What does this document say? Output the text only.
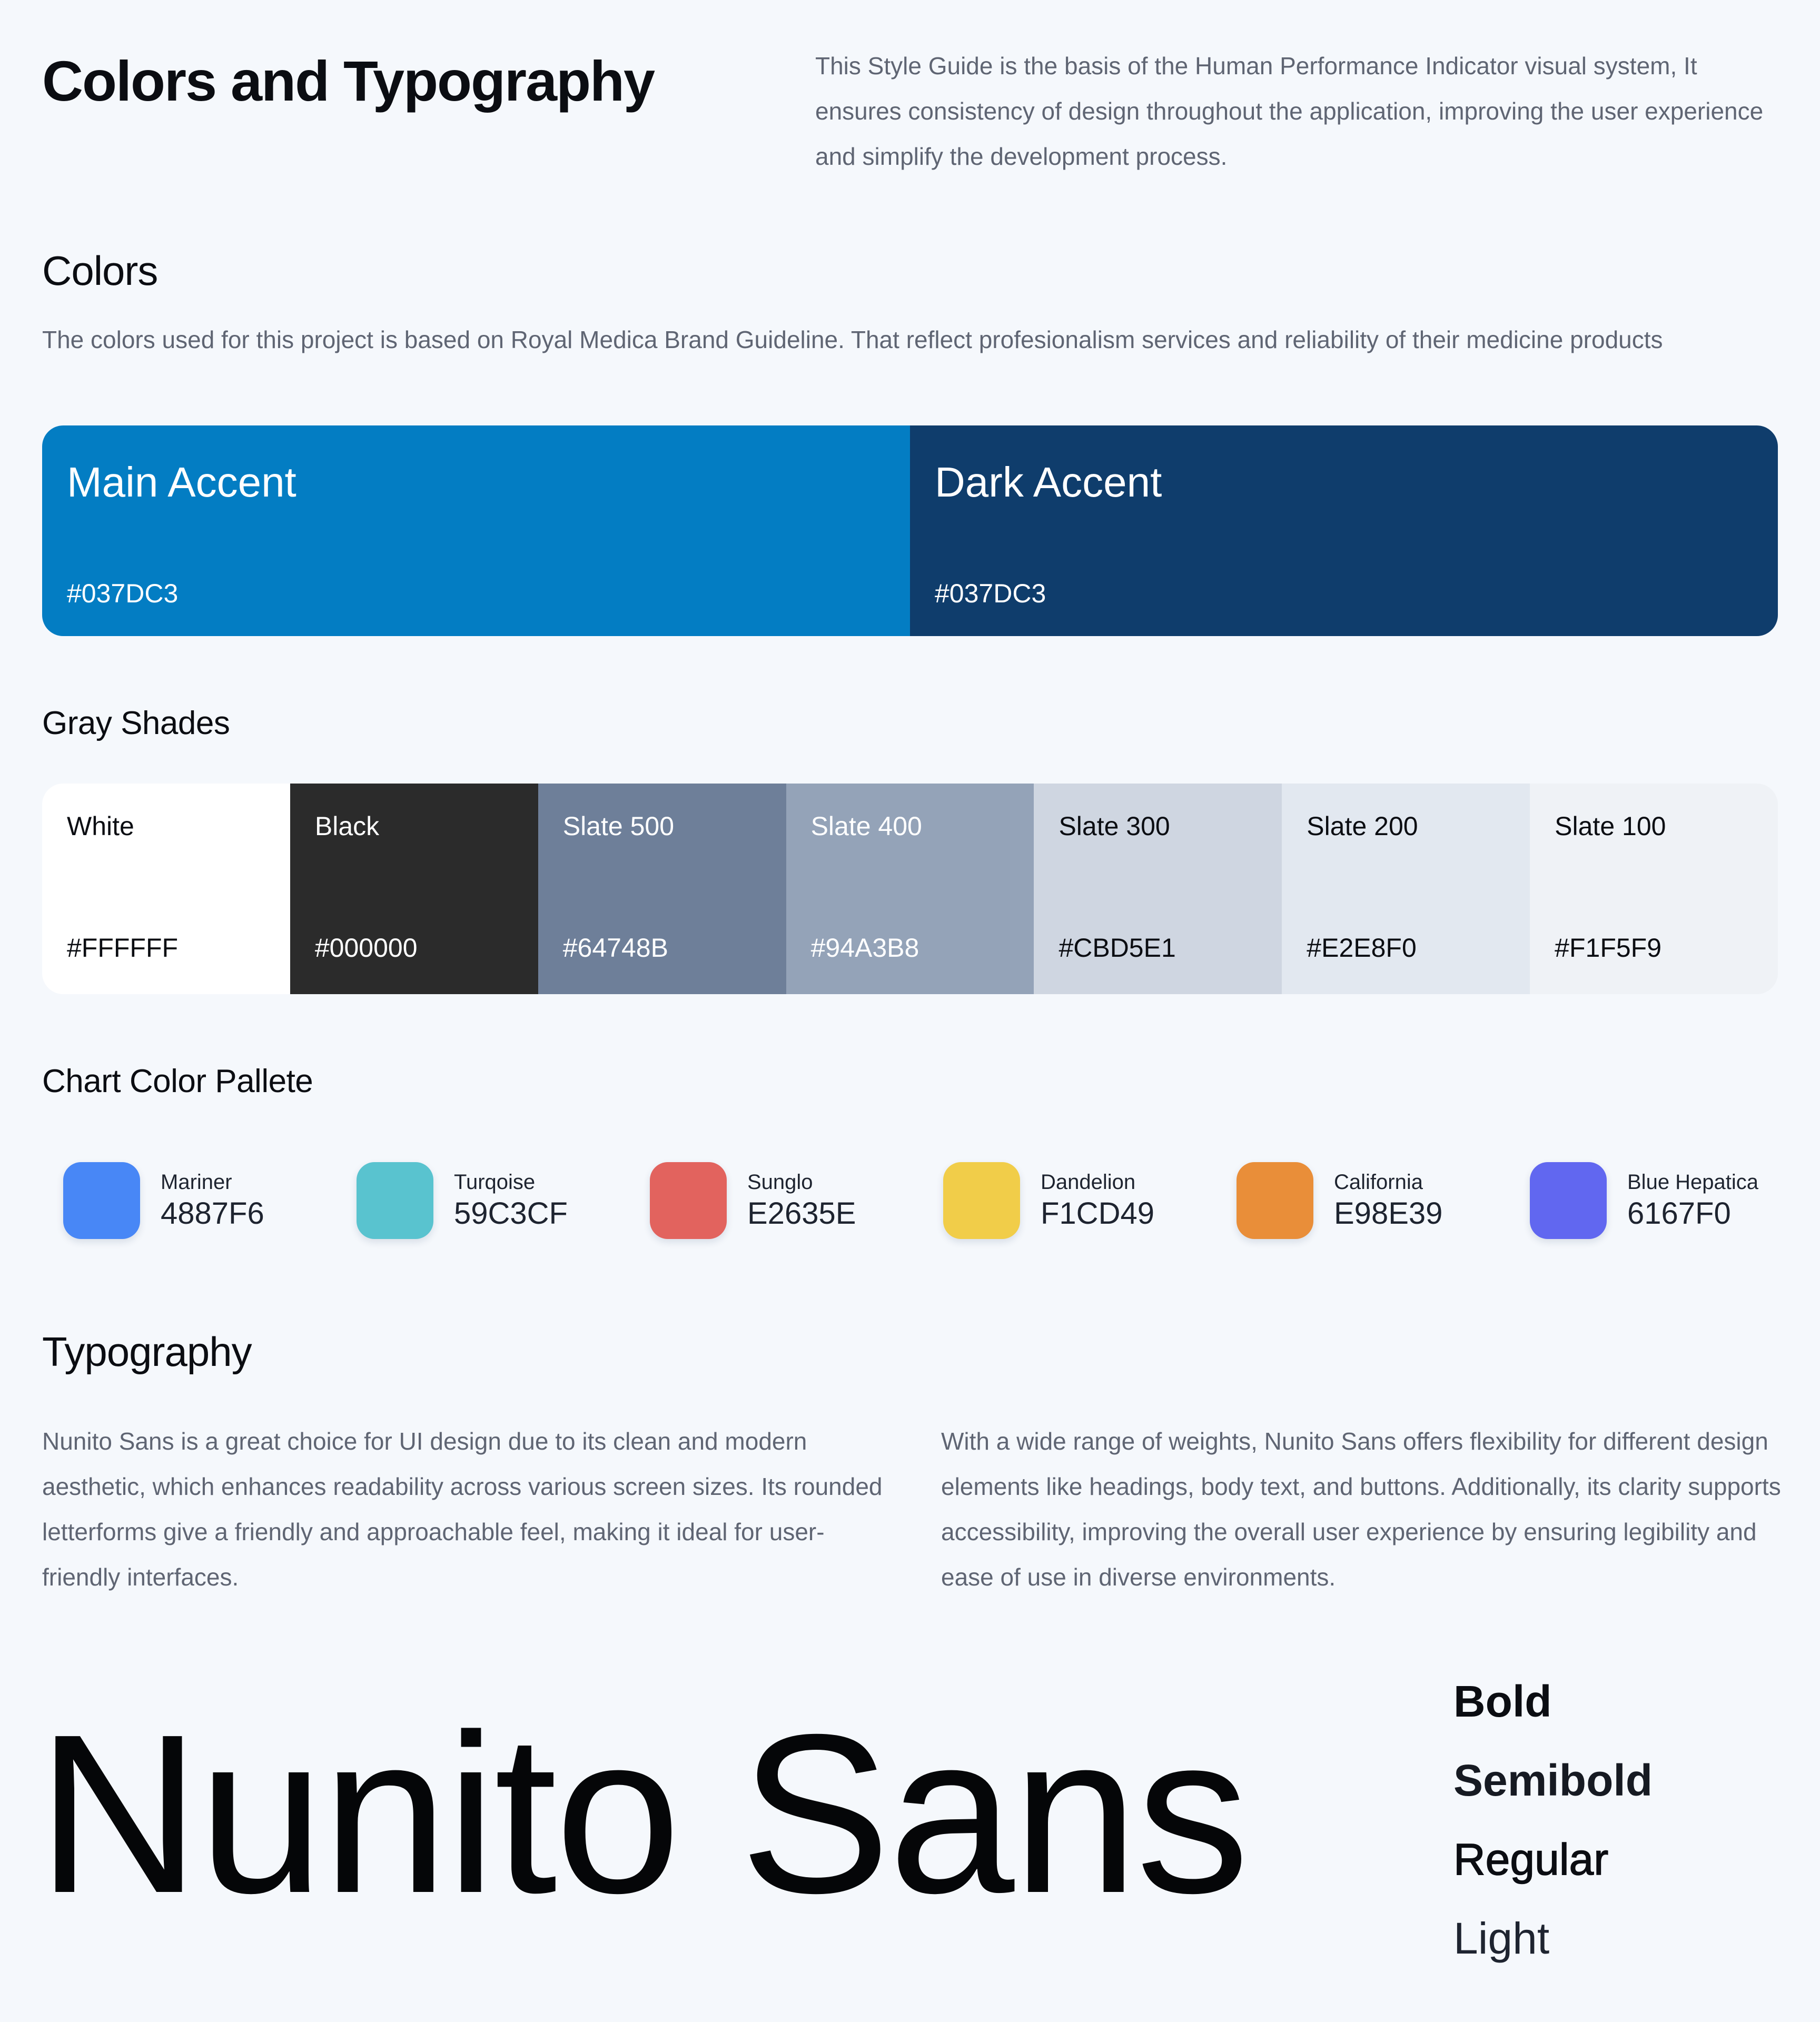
Colors and Typography	This Style Guide is the basis of the Human Performance Indicator visual system, It ensures consistency of design throughout the application, improving the user experience and simplify the development process.
Colors
The colors used for this project is based on Royal Medica Brand Guideline. That reflect profesionalism services and reliability of their medicine products
Main Accent
#037DC3
Dark Accent
#037DC3
Gray Shades
White
#FFFFFF
Black
#000000
Slate 500
#64748B
Slate 400
#94A3B8
Slate 300
#CBD5E1
Slate 200
#E2E8F0
Slate 100
#F1F5F9
Chart Color Pallete
Mariner
4887F6
Turqoise
59C3CF
Sunglo
E2635E
Dandelion
F1CD49
California
E98E39
Blue Hepatica
6167F0
Typography
Nunito Sans is a great choice for UI design due to its clean and modern aesthetic, which enhances readability across various screen sizes. Its rounded letterforms give a friendly and approachable feel, making it ideal for user-friendly interfaces.
With a wide range of weights, Nunito Sans offers flexibility for different design elements like headings, body text, and buttons. Additionally, its clarity supports accessibility, improving the overall user experience by ensuring legibility and ease of use in diverse environments.
Nunito Sans	Bold
Semibold
Regular
Light
